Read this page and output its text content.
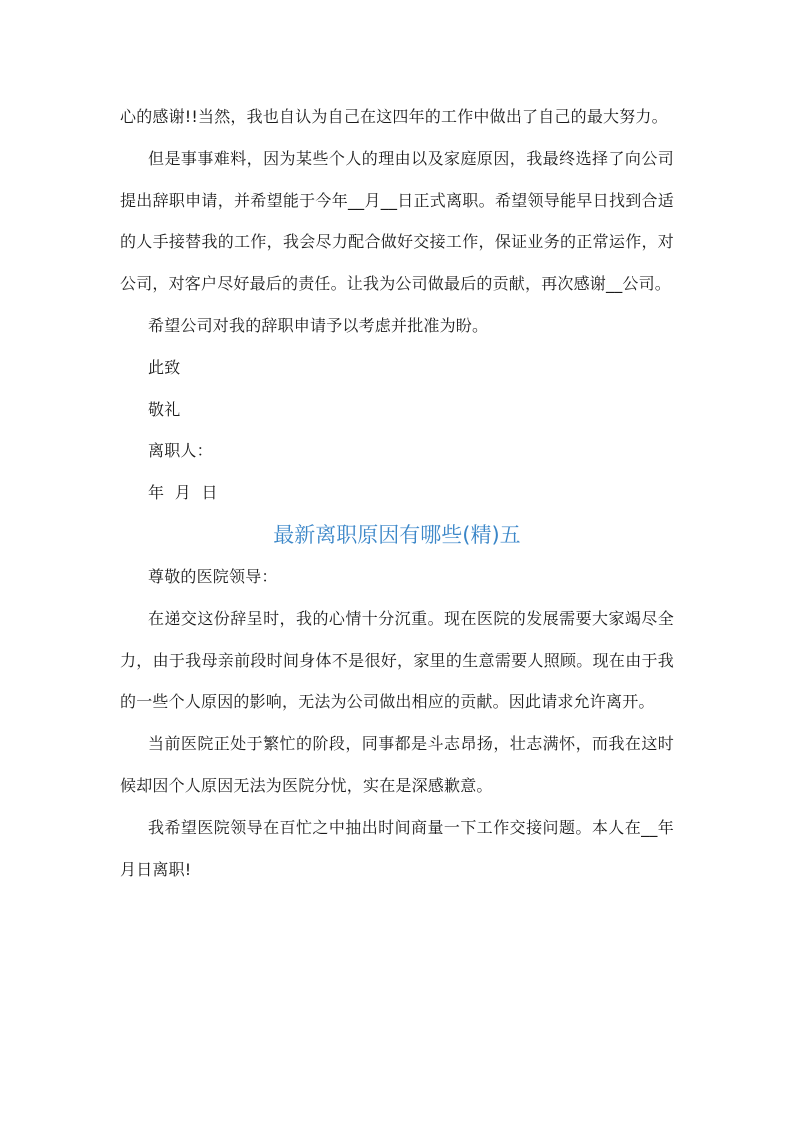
心的感谢!!当然，我也自认为自己在这四年的工作中做出了自己的最大努力。

但是事事难料，因为某些个人的理由以及家庭原因，我最终选择了向公司提出辞职申请，并希望能于今年__月__日正式离职。希望领导能早日找到合适的人手接替我的工作，我会尽力配合做好交接工作，保证业务的正常运作，对公司，对客户尽好最后的责任。让我为公司做最后的贡献，再次感谢__公司。

希望公司对我的辞职申请予以考虑并批准为盼。

此致

敬礼

离职人：

年  月  日

最新离职原因有哪些(精)五

尊敬的医院领导：

在递交这份辞呈时，我的心情十分沉重。现在医院的发展需要大家竭尽全力，由于我母亲前段时间身体不是很好，家里的生意需要人照顾。现在由于我的一些个人原因的影响，无法为公司做出相应的贡献。因此请求允许离开。

当前医院正处于繁忙的阶段，同事都是斗志昂扬，壮志满怀，而我在这时候却因个人原因无法为医院分忧，实在是深感歉意。

我希望医院领导在百忙之中抽出时间商量一下工作交接问题。本人在__年月日离职!
